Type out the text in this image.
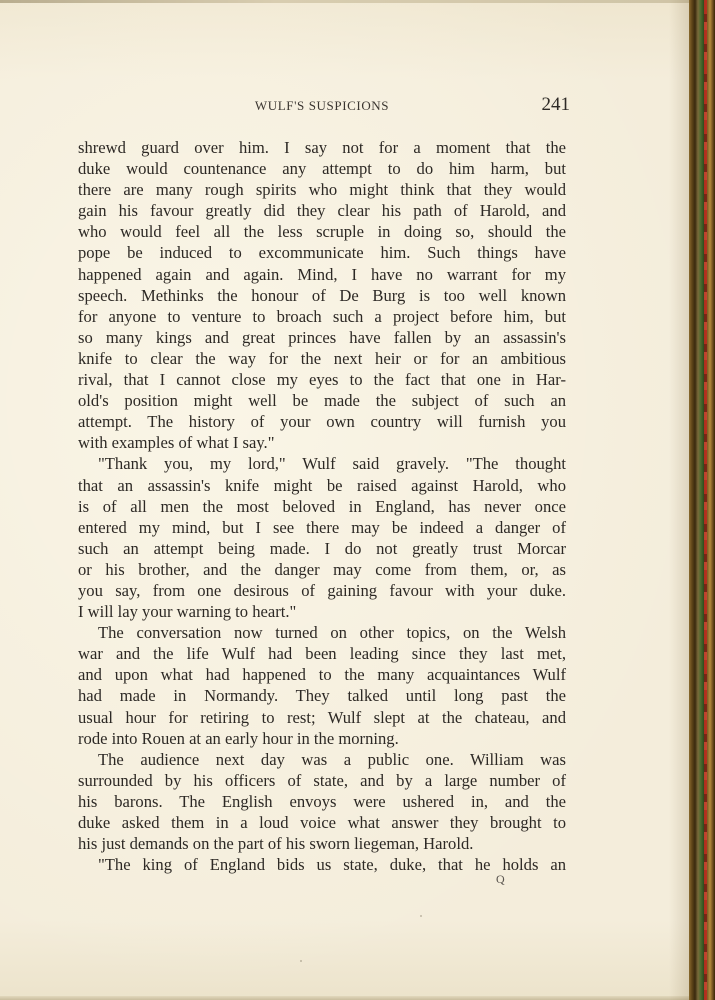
WULF'S SUSPICIONS	241
shrewd guard over him. I say not for a moment that the
duke would countenance any attempt to do him harm, but
there are many rough spirits who might think that they would
gain his favour greatly did they clear his path of Harold, and
who would feel all the less scruple in doing so, should the
pope be induced to excommunicate him. Such things have
happened again and again. Mind, I have no warrant for my
speech. Methinks the honour of De Burg is too well known
for anyone to venture to broach such a project before him, but
so many kings and great princes have fallen by an assassin's
knife to clear the way for the next heir or for an ambitious
rival, that I cannot close my eyes to the fact that one in Har-
old's position might well be made the subject of such an
attempt. The history of your own country will furnish you
with examples of what I say."
"Thank you, my lord," Wulf said gravely. "The thought
that an assassin's knife might be raised against Harold, who
is of all men the most beloved in England, has never once
entered my mind, but I see there may be indeed a danger of
such an attempt being made. I do not greatly trust Morcar
or his brother, and the danger may come from them, or, as
you say, from one desirous of gaining favour with your duke.
I will lay your warning to heart."
The conversation now turned on other topics, on the Welsh
war and the life Wulf had been leading since they last met,
and upon what had happened to the many acquaintances Wulf
had made in Normandy. They talked until long past the
usual hour for retiring to rest; Wulf slept at the chateau, and
rode into Rouen at an early hour in the morning.
The audience next day was a public one. William was
surrounded by his officers of state, and by a large number of
his barons. The English envoys were ushered in, and the
duke asked them in a loud voice what answer they brought to
his just demands on the part of his sworn liegeman, Harold.
"The king of England bids us state, duke, that he holds an
Q
